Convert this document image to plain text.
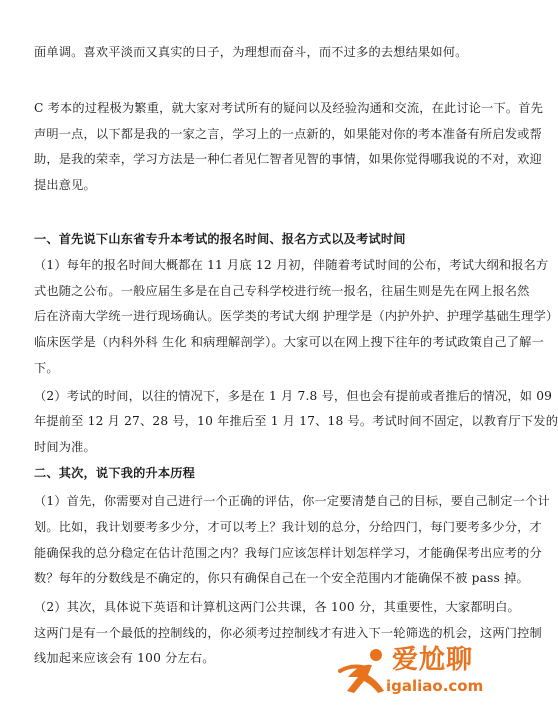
面单调。喜欢平淡而又真实的日子，为理想而奋斗，而不过多的去想结果如何。
C 考本的过程极为繁重，就大家对考试所有的疑问以及经验沟通和交流，在此讨论一下。首先
声明一点，以下都是我的一家之言，学习上的一点新的，如果能对你的考本准备有所启发或帮
助，是我的荣幸，学习方法是一种仁者见仁智者见智的事情，如果你觉得哪我说的不对，欢迎
提出意见。
一、首先说下山东省专升本考试的报名时间、报名方式以及考试时间
（1）每年的报名时间大概都在 11 月底 12 月初，伴随着考试时间的公布，考试大纲和报名方
式也随之公布。一般应届生多是在自己专科学校进行统一报名，往届生则是先在网上报名然
后在济南大学统一进行现场确认。医学类的考试大纲 护理学是（内护外护、护理学基础生理学）
临床医学是（内科外科 生化 和病理解剖学）。大家可以在网上搜下往年的考试政策自己了解一
下。
（2）考试的时间，以往的情况下，多是在 1 月 7.8 号，但也会有提前或者推后的情况，如 09
年提前至 12 月 27、28 号，10 年推后至 1 月 17、18 号。考试时间不固定，以教育厅下发的
时间为准。
二、其次，说下我的升本历程
（1）首先，你需要对自己进行一个正确的评估，你一定要清楚自己的目标，要自己制定一个计
划。比如，我计划要考多少分，才可以考上？我计划的总分，分给四门，每门要考多少分，才
能确保我的总分稳定在估计范围之内？我每门应该怎样计划怎样学习，才能确保考出应考的分
数？每年的分数线是不确定的，你只有确保自己在一个安全范围内才能确保不被 pass 掉。
（2）其次，具体说下英语和计算机这两门公共课，各 100 分，其重要性，大家都明白。
这两门是有一个最低的控制线的，你必须考过控制线才有进入下一轮筛选的机会，这两门控制
线加起来应该会有 100 分左右。	爱尬聊
igaliao.com
